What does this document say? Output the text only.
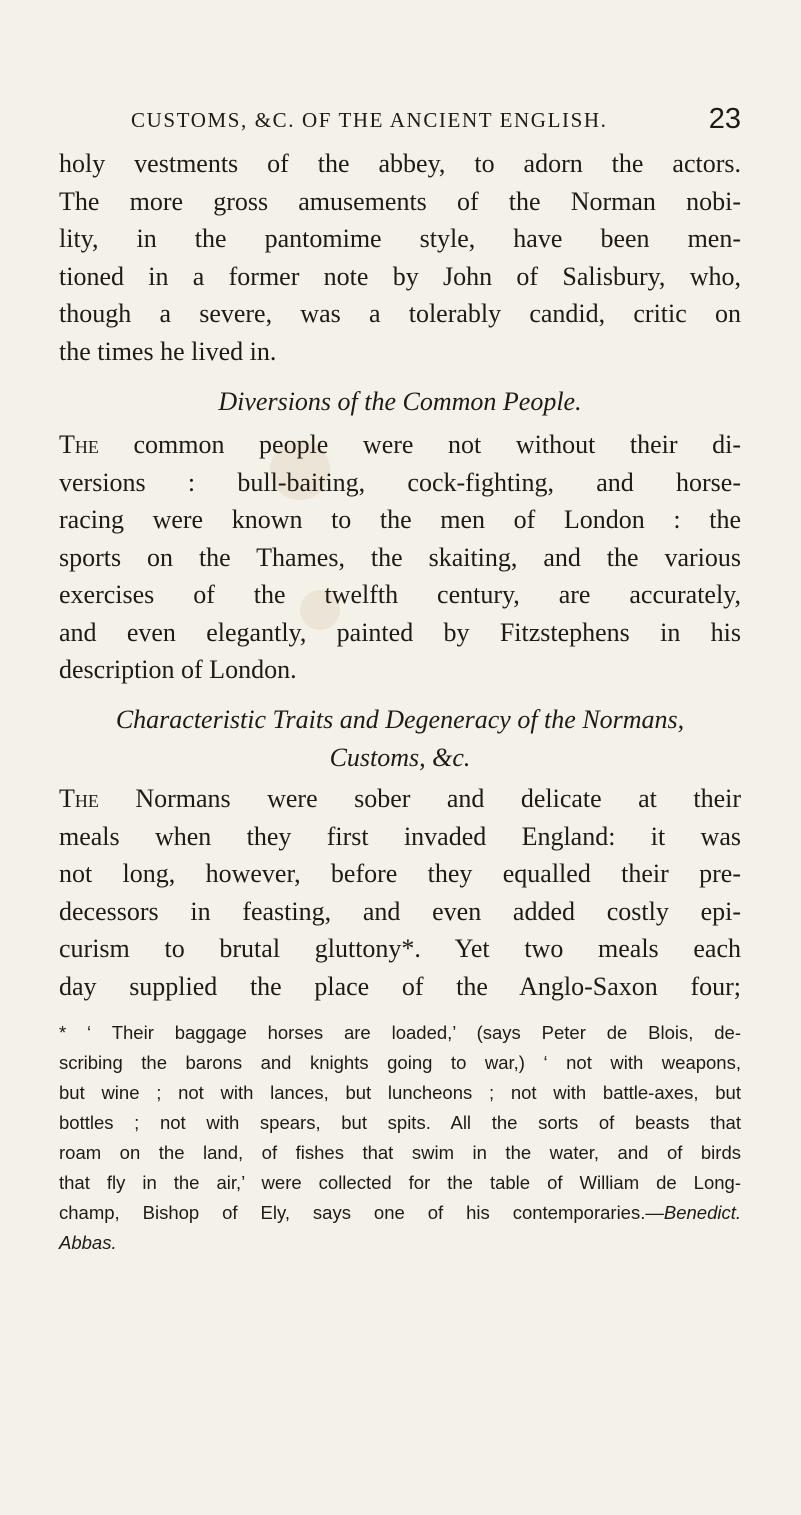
CUSTOMS, &C. OF THE ANCIENT ENGLISH.	23
holy vestments of the abbey, to adorn the actors.
The more gross amusements of the Norman nobi-
lity, in the pantomime style, have been men-
tioned in a former note by John of Salisbury, who,
though a severe, was a tolerably candid, critic on
the times he lived in.
Diversions of the Common People.
The common people were not without their di-
versions : bull-baiting, cock-fighting, and horse-
racing were known to the men of London : the
sports on the Thames, the skaiting, and the various
exercises of the twelfth century, are accurately,
and even elegantly, painted by Fitzstephens in his
description of London.
Characteristic Traits and Degeneracy of the Normans,
Customs, &c.
The Normans were sober and delicate at their
meals when they first invaded England: it was
not long, however, before they equalled their pre-
decessors in feasting, and even added costly epi-
curism to brutal gluttony*. Yet two meals each
day supplied the place of the Anglo-Saxon four;
* ‘ Their baggage horses are loaded,’ (says Peter de Blois, de-
scribing the barons and knights going to war,) ‘ not with weapons,
but wine ; not with lances, but luncheons ; not with battle-axes, but
bottles ; not with spears, but spits. All the sorts of beasts that
roam on the land, of fishes that swim in the water, and of birds
that fly in the air,’ were collected for the table of William de Long-
champ, Bishop of Ely, says one of his contemporaries.—Benedict.
Abbas.
